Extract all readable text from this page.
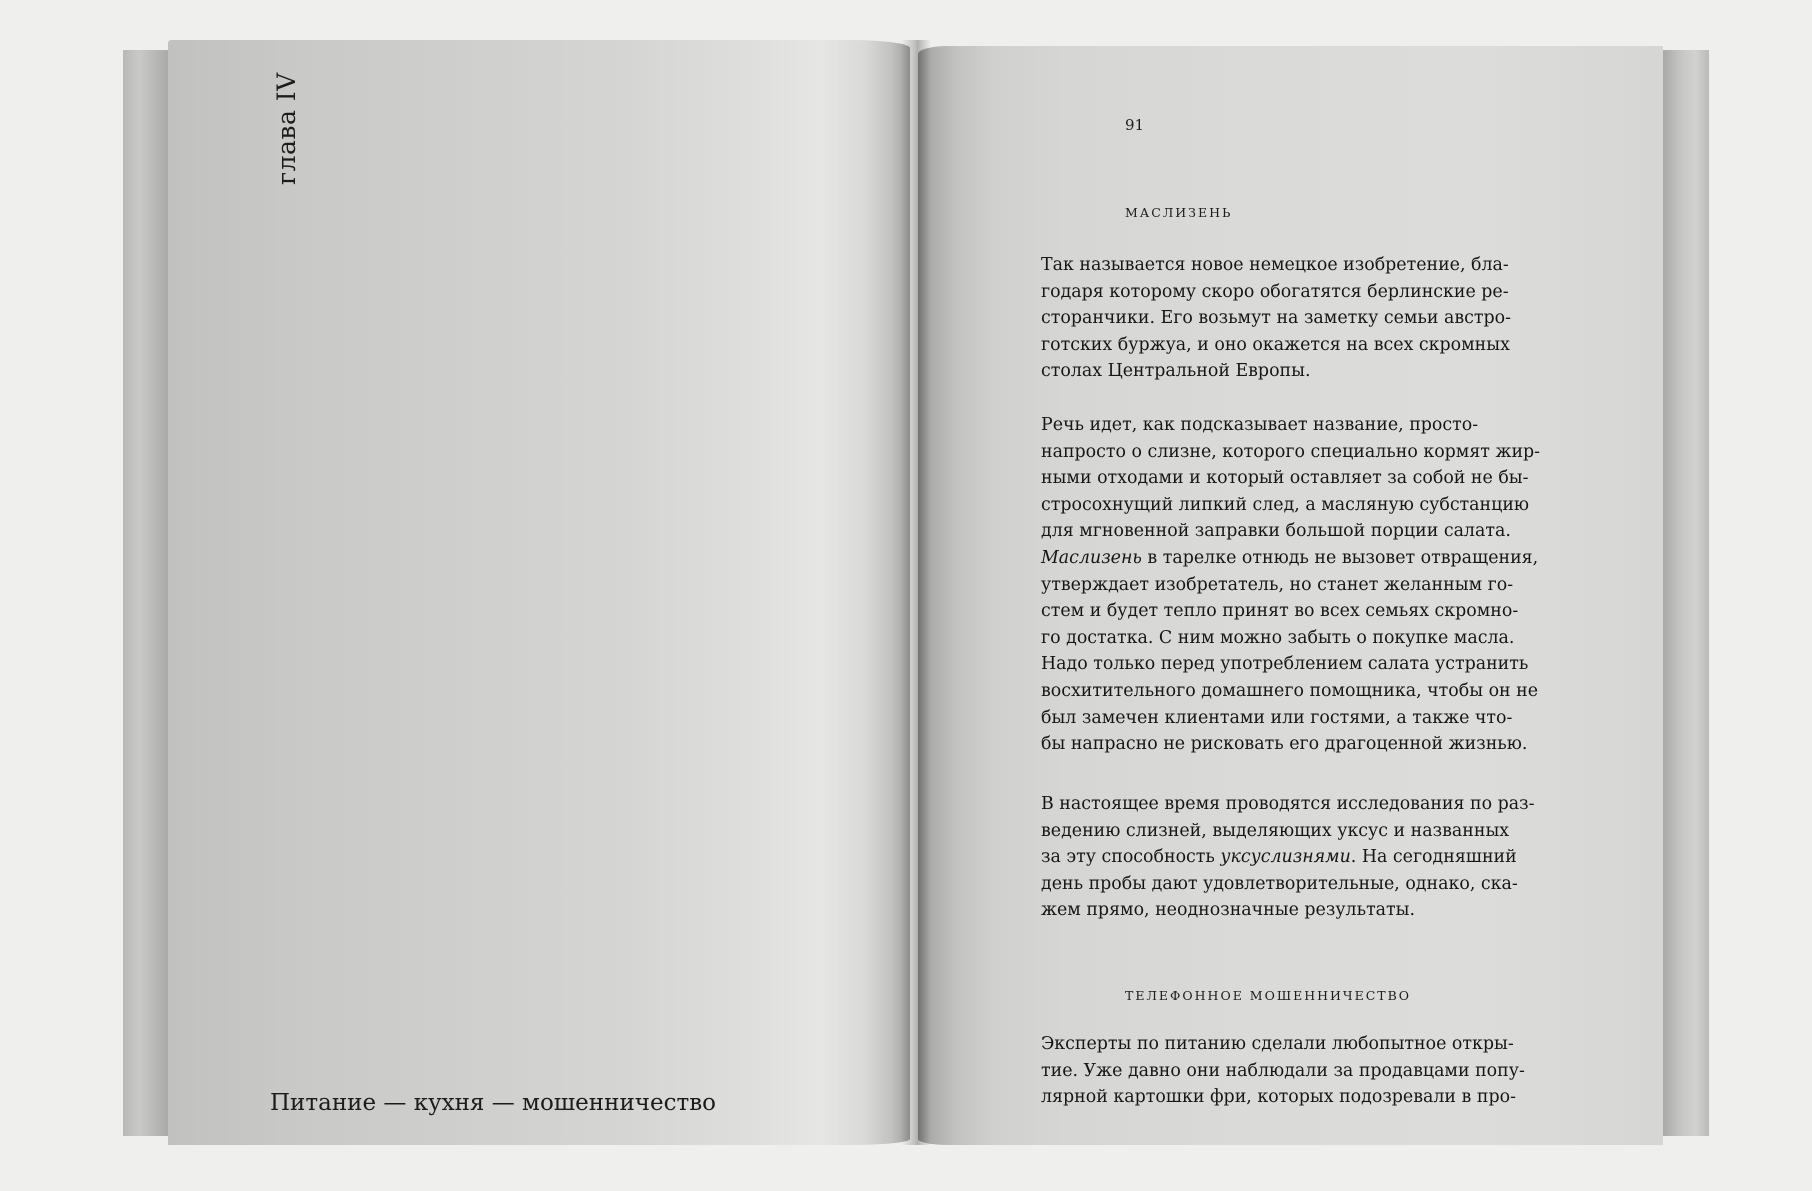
глава IV
Питание — кухня — мошенничество
91
МАСЛИЗЕНЬ
Так называется новое немецкое изобретение, бла-
годаря которому скоро обогатятся берлинские ре-
сторанчики. Его возьмут на заметку семьи австро-
готских буржуа, и оно окажется на всех скромных
столах Центральной Европы.
Речь идет, как подсказывает название, просто-
напросто о слизне, которого специально кормят жир-
ными отходами и который оставляет за собой не бы-
стросохнущий липкий след, а масляную субстанцию
для мгновенной заправки большой порции салата.
Маслизень в тарелке отнюдь не вызовет отвращения,
утверждает изобретатель, но станет желанным го-
стем и будет тепло принят во всех семьях скромно-
го достатка. С ним можно забыть о покупке масла.
Надо только перед употреблением салата устранить
восхитительного домашнего помощника, чтобы он не
был замечен клиентами или гостями, а также что-
бы напрасно не рисковать его драгоценной жизнью.
В настоящее время проводятся исследования по раз-
ведению слизней, выделяющих уксус и названных
за эту способность уксуслизнями. На сегодняшний
день пробы дают удовлетворительные, однако, ска-
жем прямо, неоднозначные результаты.
ТЕЛЕФОННОЕ МОШЕННИЧЕСТВО
Эксперты по питанию сделали любопытное откры-
тие. Уже давно они наблюдали за продавцами попу-
лярной картошки фри, которых подозревали в про-
